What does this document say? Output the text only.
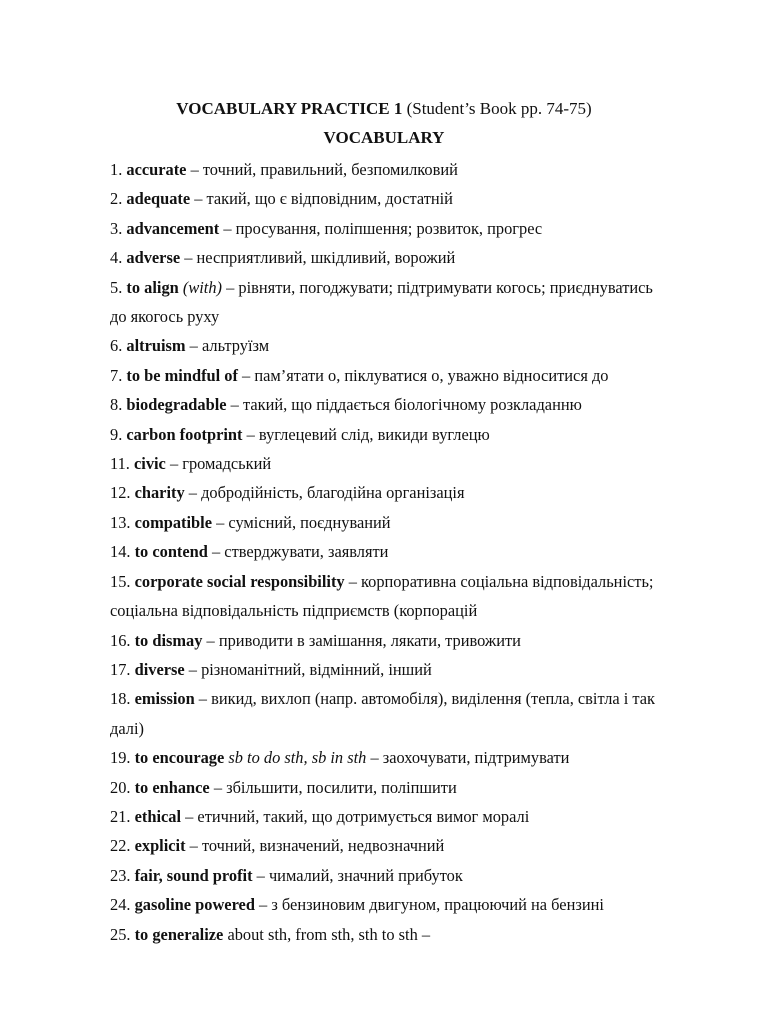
VOCABULARY PRACTICE 1 (Student’s Book pp. 74-75)
VOCABULARY
1. accurate – точний, правильний, безпомилковий
2. adequate – такий, що є відповідним, достатній
3. advancement – просування, поліпшення; розвиток, прогрес
4. adverse – несприятливий, шкідливий, ворожий
5. to align (with) – рівняти, погоджувати; підтримувати когось; приєднуватись
до якогось руху
6. altruism – альтруїзм
7. to be mindful of – пам’ятати о, піклуватися о, уважно відноситися до
8. biodegradable – такий, що піддається біологічному розкладанню
9. carbon footprint – вуглецевий слід, викиди вуглецю
11. civic – громадський
12. charity – добродійність, благодійна організація
13. compatible – сумісний, поєднуваний
14. to contend – стверджувати, заявляти
15. corporate social responsibility – корпоративна соціальна відповідальність;
соціальна відповідальність підприємств (корпорацій
16. to dismay – приводити в замішання, лякати, тривожити
17. diverse – різноманітний, відмінний, інший
18. emission – викид, вихлоп (напр. автомобіля), виділення (тепла, світла і так
далі)
19. to encourage sb to do sth, sb in sth – заохочувати, підтримувати
20. to enhance – збільшити, посилити, поліпшити
21. ethical – етичний, такий, що дотримується вимог моралі
22. explicit – точний, визначений, недвозначний
23. fair, sound profit – чималий, значний прибуток
24. gasoline powered – з бензиновим двигуном, працюючий на бензині
25. to generalize about sth, from sth, sth to sth –
